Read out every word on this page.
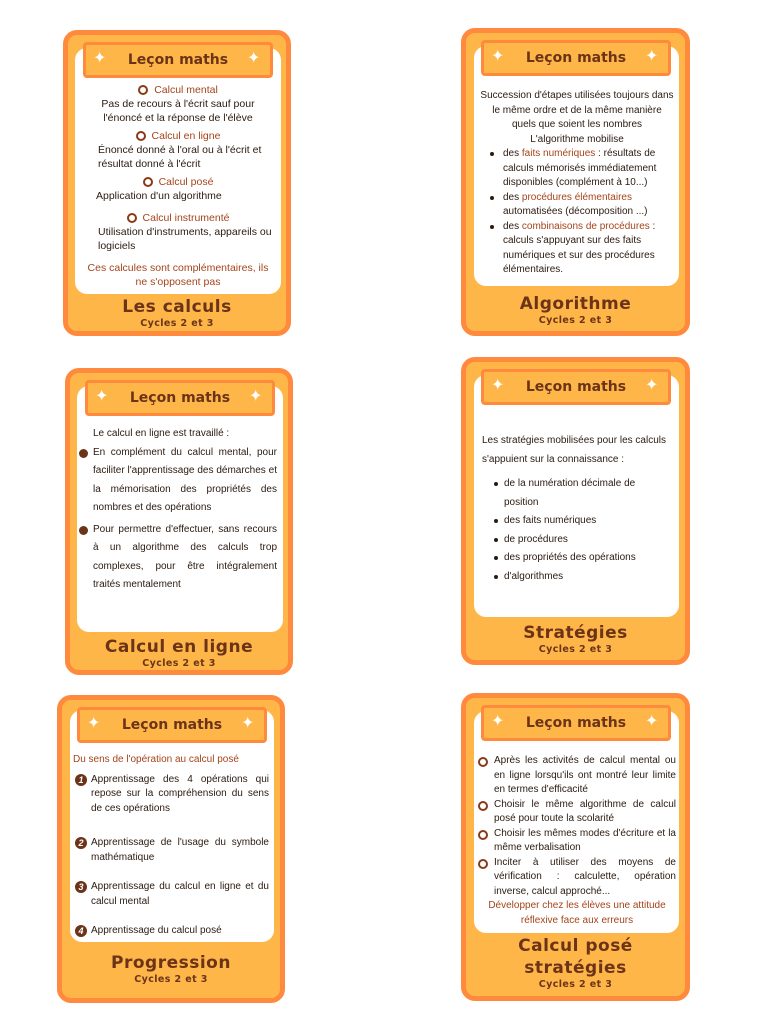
✦ Leçon maths ✦
Calcul mental
Pas de recours à l'écrit sauf pour l'énoncé et la réponse de l'élève
Calcul en ligne
Énoncé donné à l'oral ou à l'écrit et résultat donné à l'écrit
Calcul posé
Application d'un algorithme
Calcul instrumenté
Utilisation d'instruments, appareils ou logiciels
Ces calcules sont complémentaires, ils ne s'opposent pas
Les calculs
Cycles 2 et 3
✦ Leçon maths ✦
Succession d'étapes utilisées toujours dans le même ordre et de la même manière quels que soient les nombres
L'algorithme mobilise
des faits numériques : résultats de calculs mémorisés immédiatement disponibles (complément à 10...)
des procédures élémentaires automatisées (décomposition ...)
des combinaisons de procédures : calculs s'appuyant sur des faits numériques et sur des procédures élémentaires.
Algorithme
Cycles 2 et 3
✦ Leçon maths ✦
Le calcul en ligne est travaillé :
En complément du calcul mental, pour faciliter l'apprentissage des démarches et la mémorisation des propriétés des nombres et des opérations
Pour permettre d'effectuer, sans recours à un algorithme des calculs trop complexes, pour être intégralement traités mentalement
Calcul en ligne
Cycles 2 et 3
✦ Leçon maths ✦
Les stratégies mobilisées pour les calculs s'appuient sur la connaissance :
de la numération décimale de position
des faits numériques
de procédures
des propriétés des opérations
d'algorithmes
Stratégies
Cycles 2 et 3
✦ Leçon maths ✦
Du sens de l'opération au calcul posé
1 Apprentissage des 4 opérations qui repose sur la compréhension du sens de ces opérations
2 Apprentissage de l'usage du symbole mathématique
3 Apprentissage du calcul en ligne et du calcul mental
4 Apprentissage du calcul posé
Progression
Cycles 2 et 3
✦ Leçon maths ✦
Après les activités de calcul mental ou en ligne lorsqu'ils ont montré leur limite en termes d'efficacité
Choisir le même algorithme de calcul posé pour toute la scolarité
Choisir les mêmes modes d'écriture et la même verbalisation
Inciter à utiliser des moyens de vérification : calculette, opération inverse, calcul approché...
Développer chez les élèves une attitude réflexive face aux erreurs
Calcul posé
stratégies
Cycles 2 et 3
